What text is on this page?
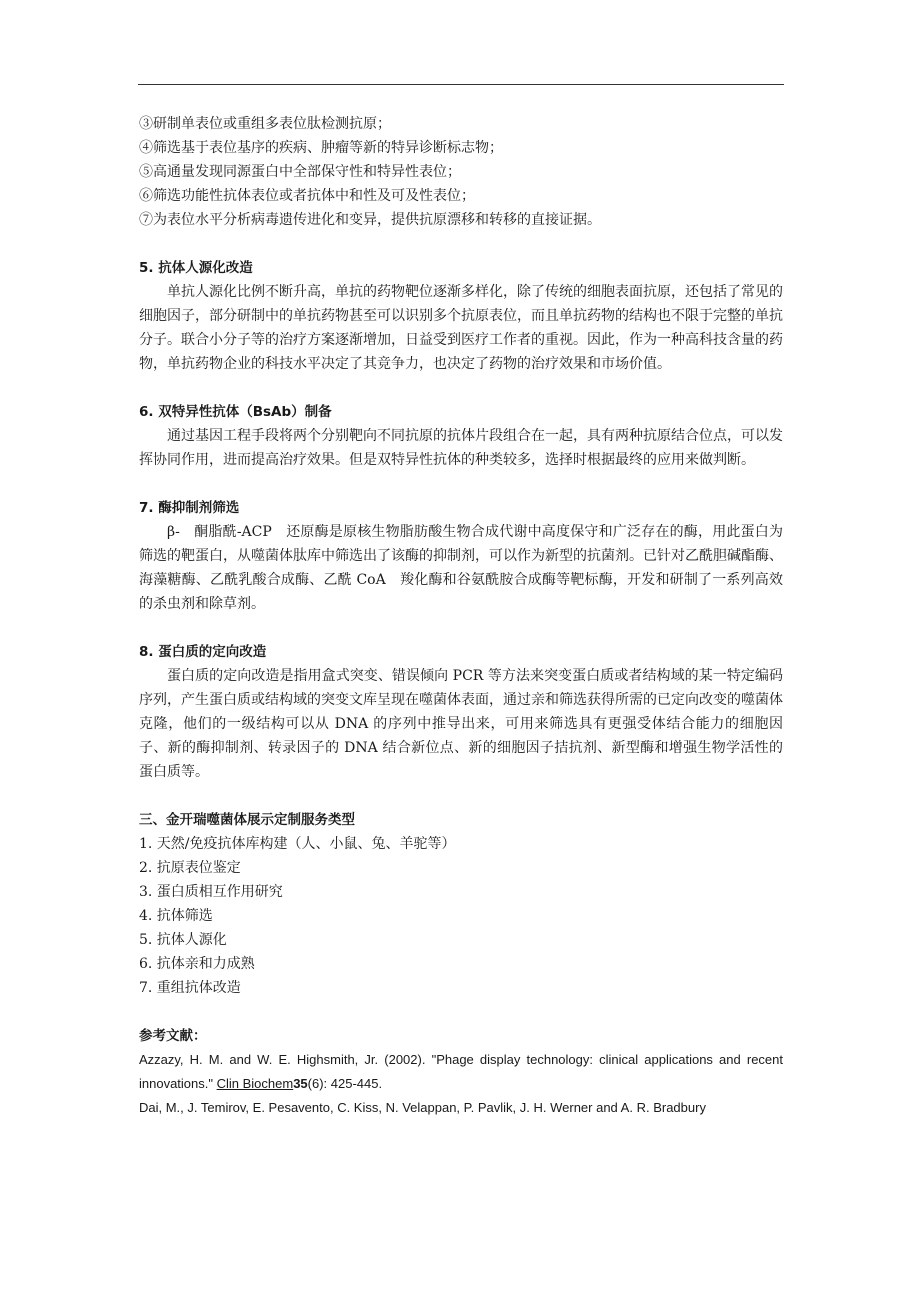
③研制单表位或重组多表位肽检测抗原；
④筛选基于表位基序的疾病、肿瘤等新的特异诊断标志物；
⑤高通量发现同源蛋白中全部保守性和特异性表位；
⑥筛选功能性抗体表位或者抗体中和性及可及性表位；
⑦为表位水平分析病毒遗传进化和变异，提供抗原漂移和转移的直接证据。
5. 抗体人源化改造

单抗人源化比例不断升高，单抗的药物靶位逐渐多样化，除了传统的细胞表面抗原，还包括了常见的细胞因子，部分研制中的单抗药物甚至可以识别多个抗原表位，而且单抗药物的结构也不限于完整的单抗分子。联合小分子等的治疗方案逐渐增加，日益受到医疗工作者的重视。因此，作为一种高科技含量的药物，单抗药物企业的科技水平决定了其竞争力，也决定了药物的治疗效果和市场价值。

6. 双特异性抗体（BsAb）制备

通过基因工程手段将两个分别靶向不同抗原的抗体片段组合在一起，具有两种抗原结合位点，可以发挥协同作用，进而提高治疗效果。但是双特异性抗体的种类较多，选择时根据最终的应用来做判断。

7. 酶抑制剂筛选

β-　酮脂酰-ACP　还原酶是原核生物脂肪酸生物合成代谢中高度保守和广泛存在的酶，用此蛋白为筛选的靶蛋白，从噬菌体肽库中筛选出了该酶的抑制剂，可以作为新型的抗菌剂。已针对乙酰胆碱酯酶、海藻糖酶、乙酰乳酸合成酶、乙酰 CoA　羧化酶和谷氨酰胺合成酶等靶标酶，开发和研制了一系列高效的杀虫剂和除草剂。

8. 蛋白质的定向改造

蛋白质的定向改造是指用盒式突变、错误倾向 PCR 等方法来突变蛋白质或者结构域的某一特定编码序列，产生蛋白质或结构域的突变文库呈现在噬菌体表面，通过亲和筛选获得所需的已定向改变的噬菌体克隆，他们的一级结构可以从 DNA 的序列中推导出来，可用来筛选具有更强受体结合能力的细胞因子、新的酶抑制剂、转录因子的 DNA 结合新位点、新的细胞因子拮抗剂、新型酶和增强生物学活性的蛋白质等。

三、金开瑞噬菌体展示定制服务类型
1. 天然/免疫抗体库构建（人、小鼠、兔、羊驼等）
2. 抗原表位鉴定
3. 蛋白质相互作用研究
4. 抗体筛选
5. 抗体人源化
6. 抗体亲和力成熟
7. 重组抗体改造
参考文献：
Azzazy, H. M. and W. E. Highsmith, Jr. (2002). "Phage display technology: clinical applications and recent innovations." Clin Biochem35(6): 425-445.
Dai, M., J. Temirov, E. Pesavento, C. Kiss, N. Velappan, P. Pavlik, J. H. Werner and A. R. Bradbury
